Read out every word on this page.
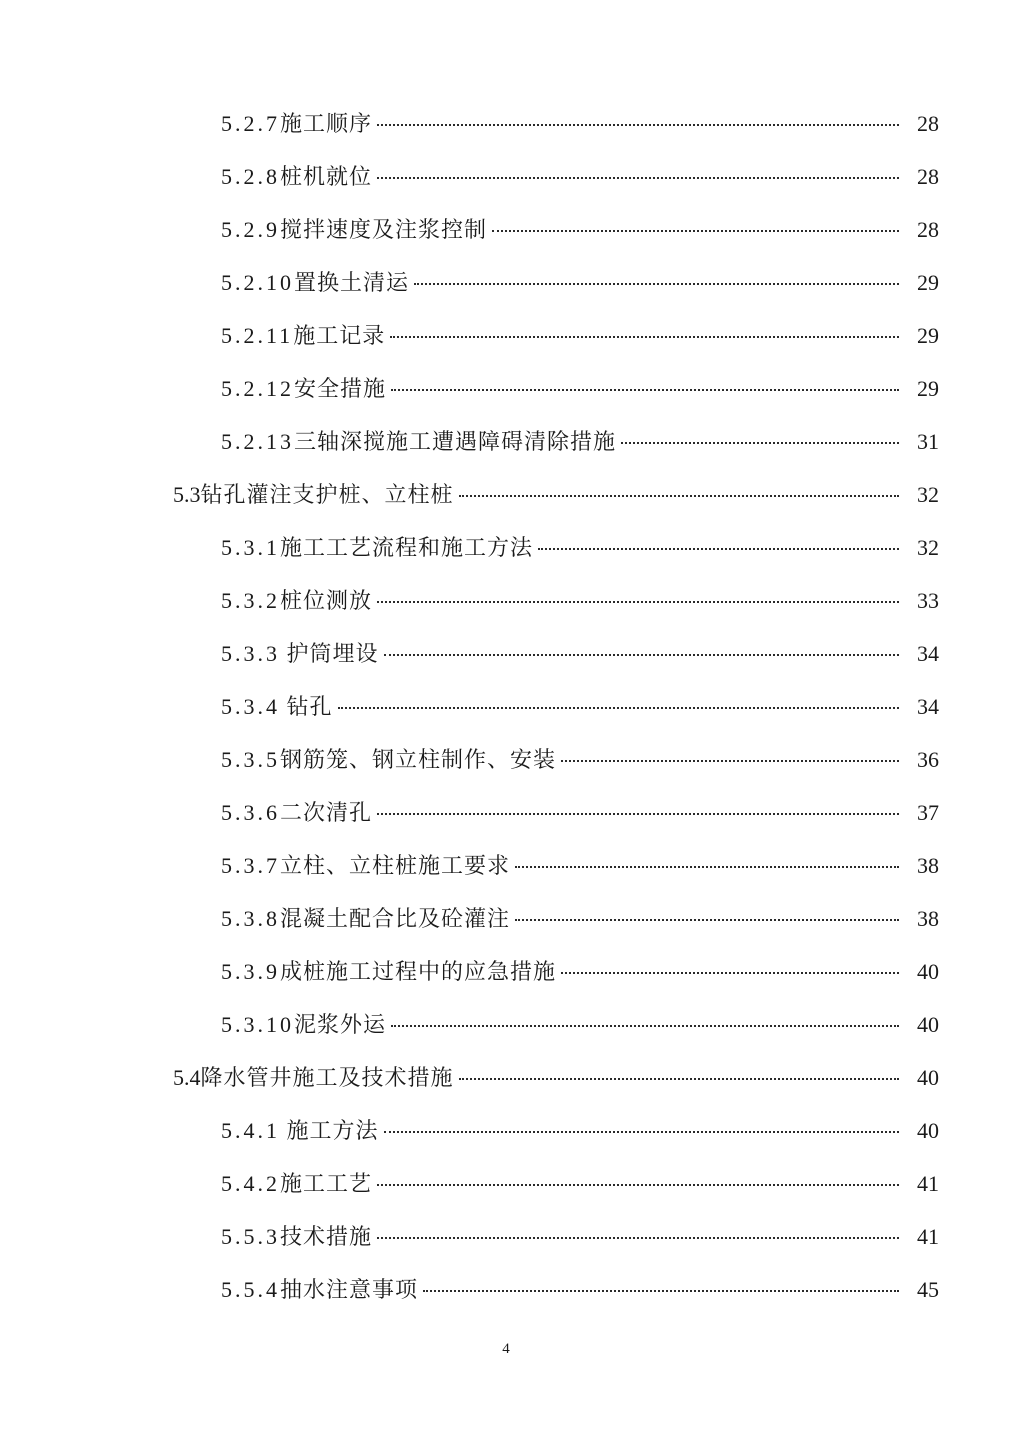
5.2.7 施工顺序	28
5.2.8 桩机就位	28
5.2.9 搅拌速度及注浆控制	28
5.2.10 置换土清运	29
5.2.11 施工记录	29
5.2.12 安全措施	29
5.2.13 三轴深搅施工遭遇障碍清除措施	31
5.3 钻孔灌注支护桩、立柱桩	32
5.3.1 施工工艺流程和施工方法	32
5.3.2 桩位测放	33
5.3.3 护筒埋设	34
5.3.4 钻孔	34
5.3.5 钢筋笼、钢立柱制作、安装	36
5.3.6 二次清孔	37
5.3.7 立柱、立柱桩施工要求	38
5.3.8 混凝土配合比及砼灌注	38
5.3.9 成桩施工过程中的应急措施	40
5.3.10 泥浆外运	40
5.4 降水管井施工及技术措施	40
5.4.1 施工方法	40
5.4.2 施工工艺	41
5.5.3 技术措施	41
5.5.4 抽水注意事项	45
4
